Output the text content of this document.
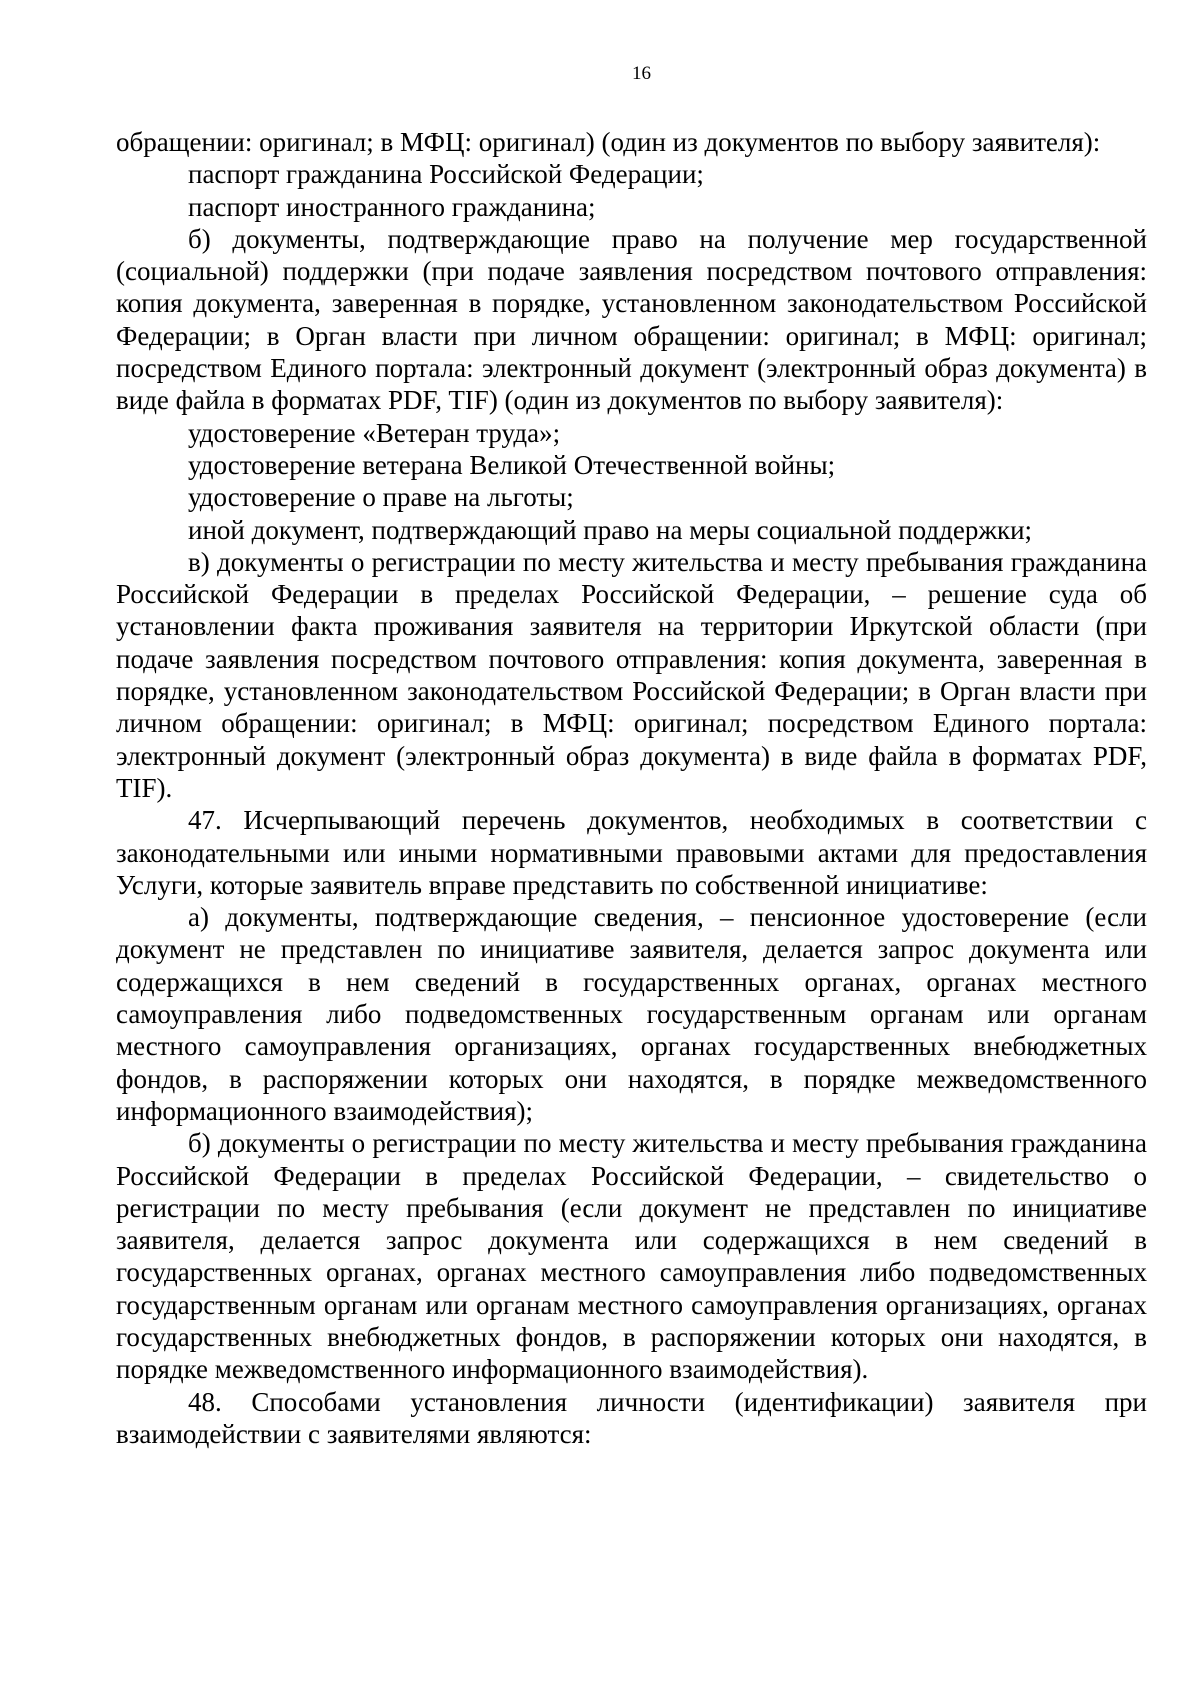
16

обращении: оригинал; в МФЦ: оригинал) (один из документов по выбору заявителя):

паспорт гражданина Российской Федерации;

паспорт иностранного гражданина;

б) документы, подтверждающие право на получение мер государственной (социальной) поддержки (при подаче заявления посредством почтового отправления: копия документа, заверенная в порядке, установленном законодательством Российской Федерации; в Орган власти при личном обращении: оригинал; в МФЦ: оригинал; посредством Единого портала: электронный документ (электронный образ документа) в виде файла в форматах PDF, TIF) (один из документов по выбору заявителя):

удостоверение «Ветеран труда»;

удостоверение ветерана Великой Отечественной войны;

удостоверение о праве на льготы;

иной документ, подтверждающий право на меры социальной поддержки;

в) документы о регистрации по месту жительства и месту пребывания гражданина Российской Федерации в пределах Российской Федерации, – решение суда об установлении факта проживания заявителя на территории Иркутской области (при подаче заявления посредством почтового отправления: копия документа, заверенная в порядке, установленном законодательством Российской Федерации; в Орган власти при личном обращении: оригинал; в МФЦ: оригинал; посредством Единого портала: электронный документ (электронный образ документа) в виде файла в форматах PDF, TIF).

47. Исчерпывающий перечень документов, необходимых в соответствии с законодательными или иными нормативными правовыми актами для предоставления Услуги, которые заявитель вправе представить по собственной инициативе:

а) документы, подтверждающие сведения, – пенсионное удостоверение (если документ не представлен по инициативе заявителя, делается запрос документа или содержащихся в нем сведений в государственных органах, органах местного самоуправления либо подведомственных государственным органам или органам местного самоуправления организациях, органах государственных внебюджетных фондов, в распоряжении которых они находятся, в порядке межведомственного информационного взаимодействия);

б) документы о регистрации по месту жительства и месту пребывания гражданина Российской Федерации в пределах Российской Федерации, – свидетельство о регистрации по месту пребывания (если документ не представлен по инициативе заявителя, делается запрос документа или содержащихся в нем сведений в государственных органах, органах местного самоуправления либо подведомственных государственным органам или органам местного самоуправления организациях, органах государственных внебюджетных фондов, в распоряжении которых они находятся, в порядке межведомственного информационного взаимодействия).

48. Способами установления личности (идентификации) заявителя при взаимодействии с заявителями являются:
